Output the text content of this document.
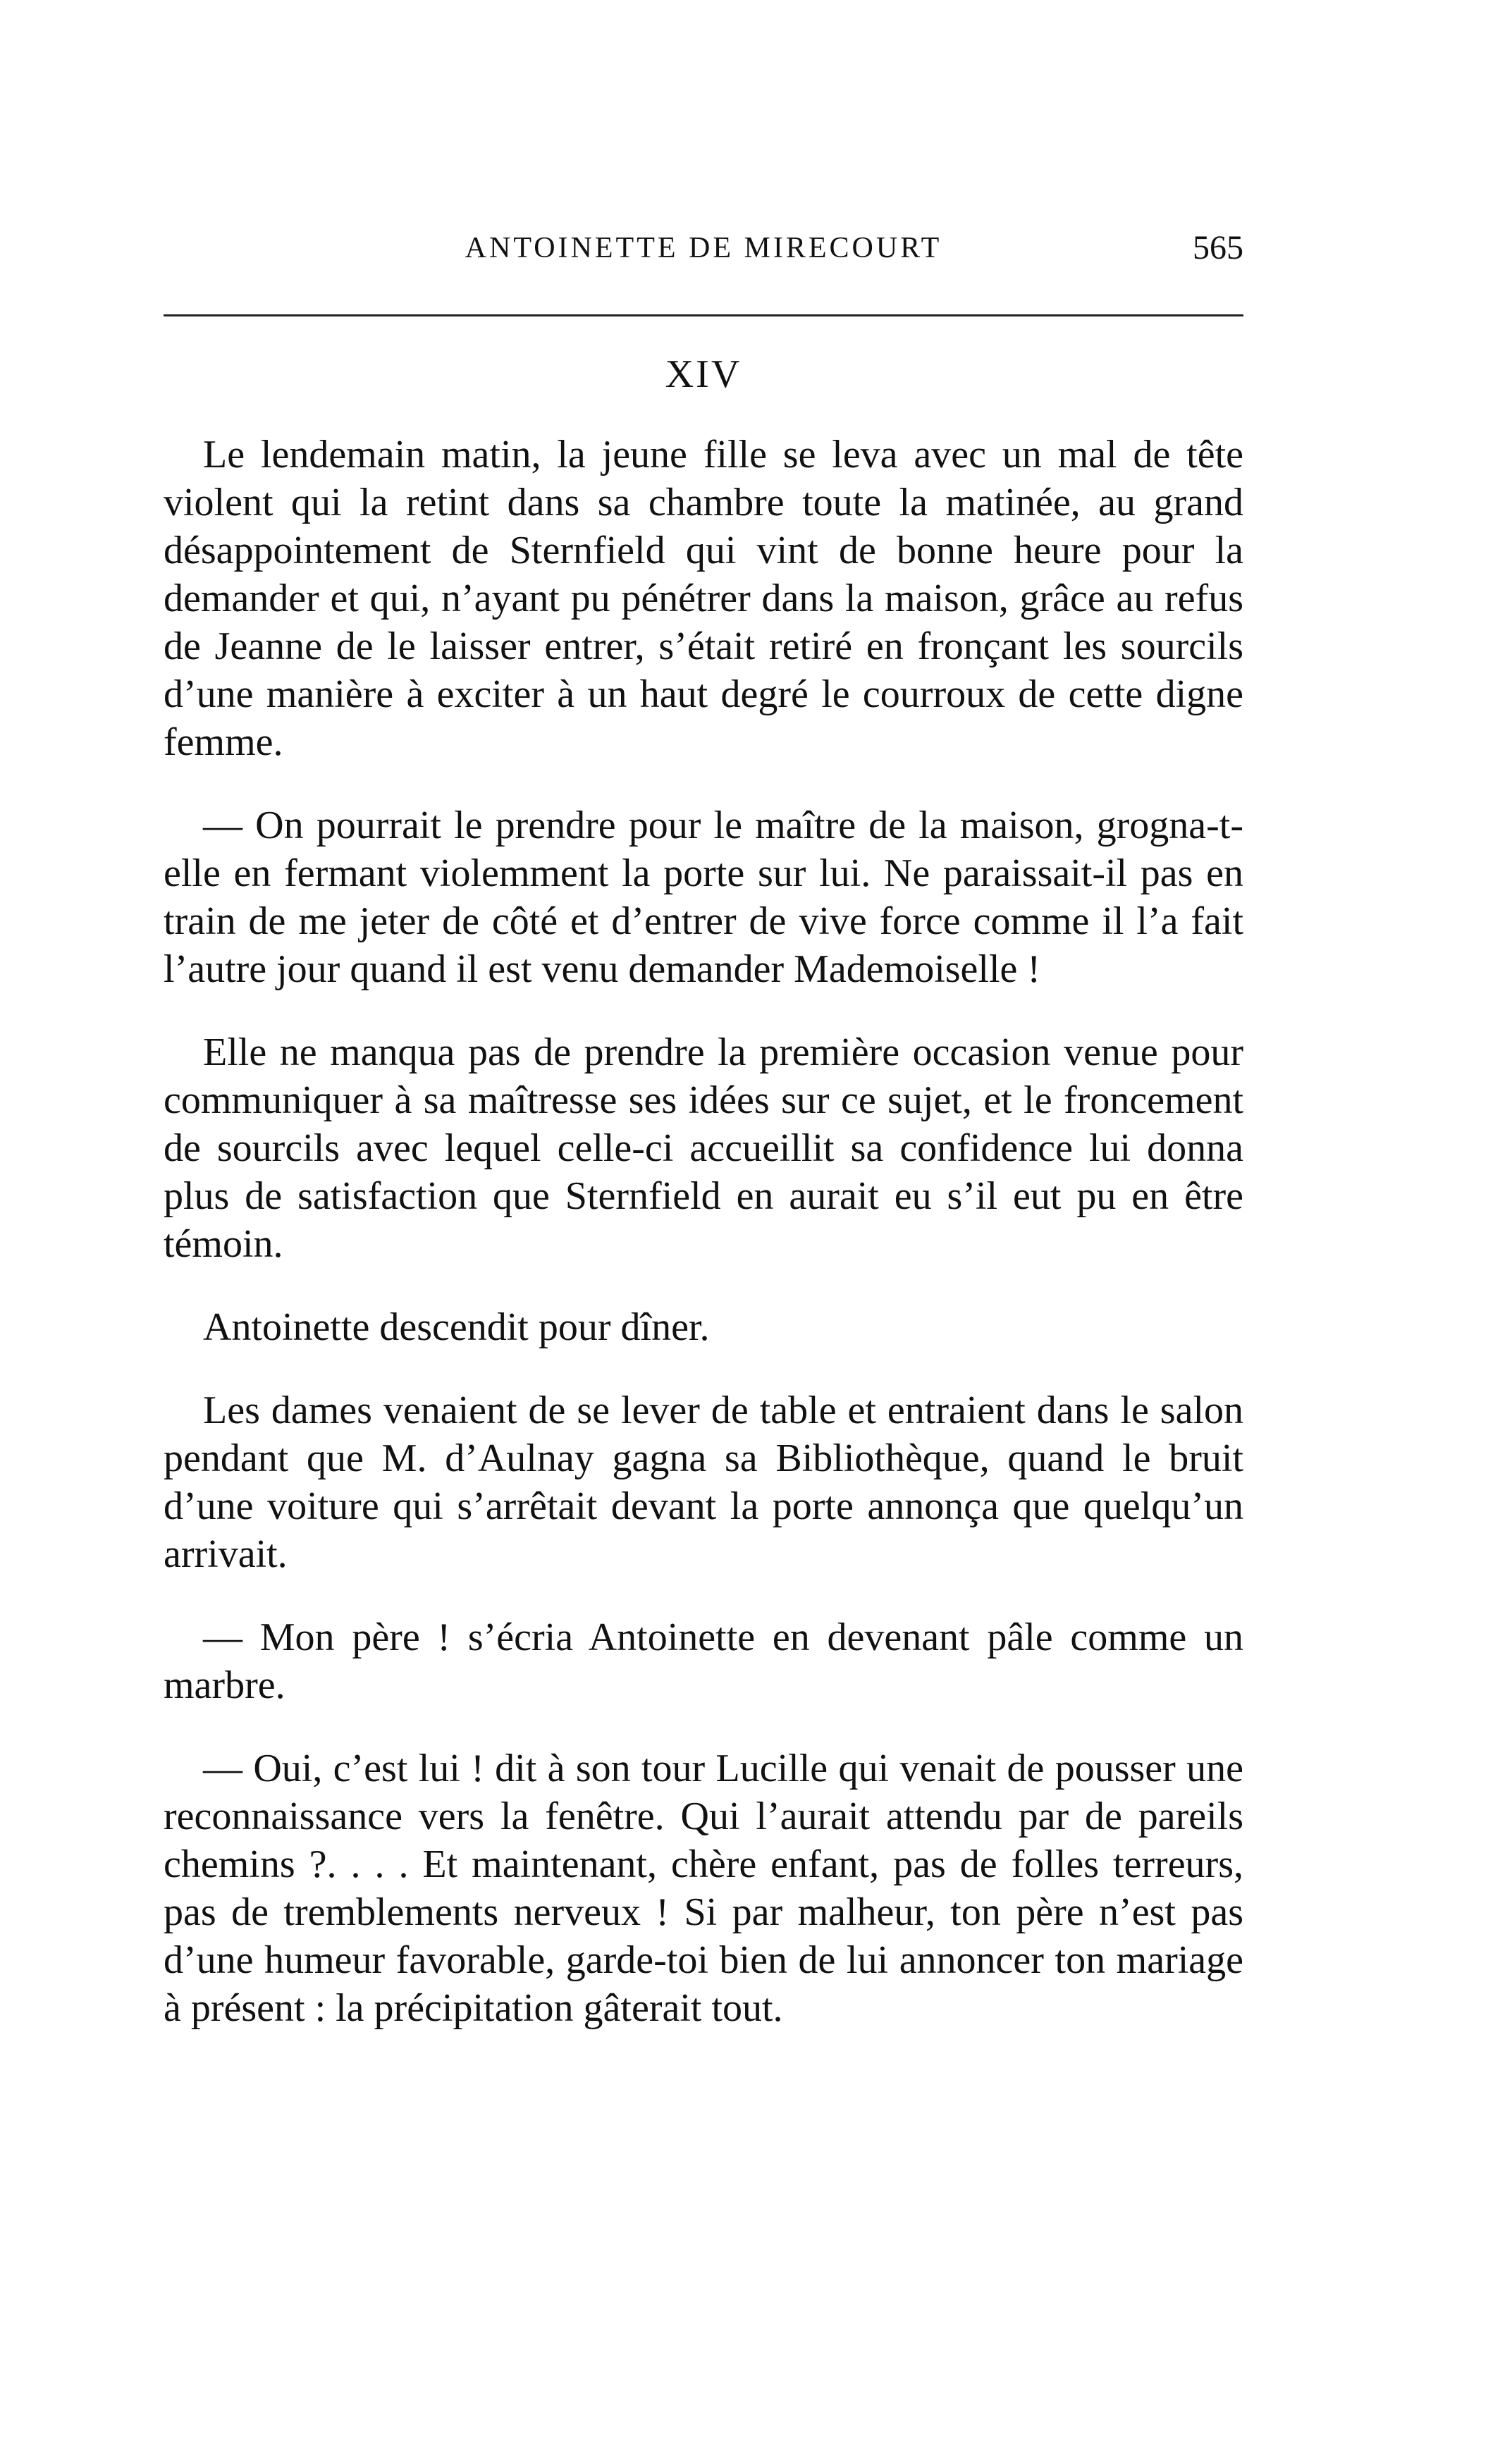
ANTOINETTE DE MIRECOURT	565
XIV

Le lendemain matin, la jeune fille se leva avec un mal de tête violent qui la retint dans sa chambre toute la matinée, au grand désappointement de Sternfield qui vint de bonne heure pour la demander et qui, n’ayant pu pénétrer dans la maison, grâce au refus de Jeanne de le laisser entrer, s’était retiré en fronçant les sourcils d’une manière à exciter à un haut degré le courroux de cette digne femme.

— On pourrait le prendre pour le maître de la maison, grogna-t-elle en fermant violemment la porte sur lui. Ne paraissait-il pas en train de me jeter de côté et d’entrer de vive force comme il l’a fait l’autre jour quand il est venu demander Mademoiselle !

Elle ne manqua pas de prendre la première occasion venue pour communiquer à sa maîtresse ses idées sur ce sujet, et le froncement de sourcils avec lequel celle-ci accueillit sa confidence lui donna plus de satisfaction que Sternfield en aurait eu s’il eut pu en être témoin.

Antoinette descendit pour dîner.

Les dames venaient de se lever de table et entraient dans le salon pendant que M. d’Aulnay gagna sa Bibliothèque, quand le bruit d’une voiture qui s’arrêtait devant la porte annonça que quelqu’un arrivait.

— Mon père ! s’écria Antoinette en devenant pâle comme un marbre.

— Oui, c’est lui ! dit à son tour Lucille qui venait de pousser une reconnaissance vers la fenêtre. Qui l’aurait attendu par de pareils chemins ?. . . . Et maintenant, chère enfant, pas de folles terreurs, pas de tremblements nerveux ! Si par malheur, ton père n’est pas d’une humeur favorable, garde-toi bien de lui annoncer ton mariage à présent : la précipitation gâterait tout.
